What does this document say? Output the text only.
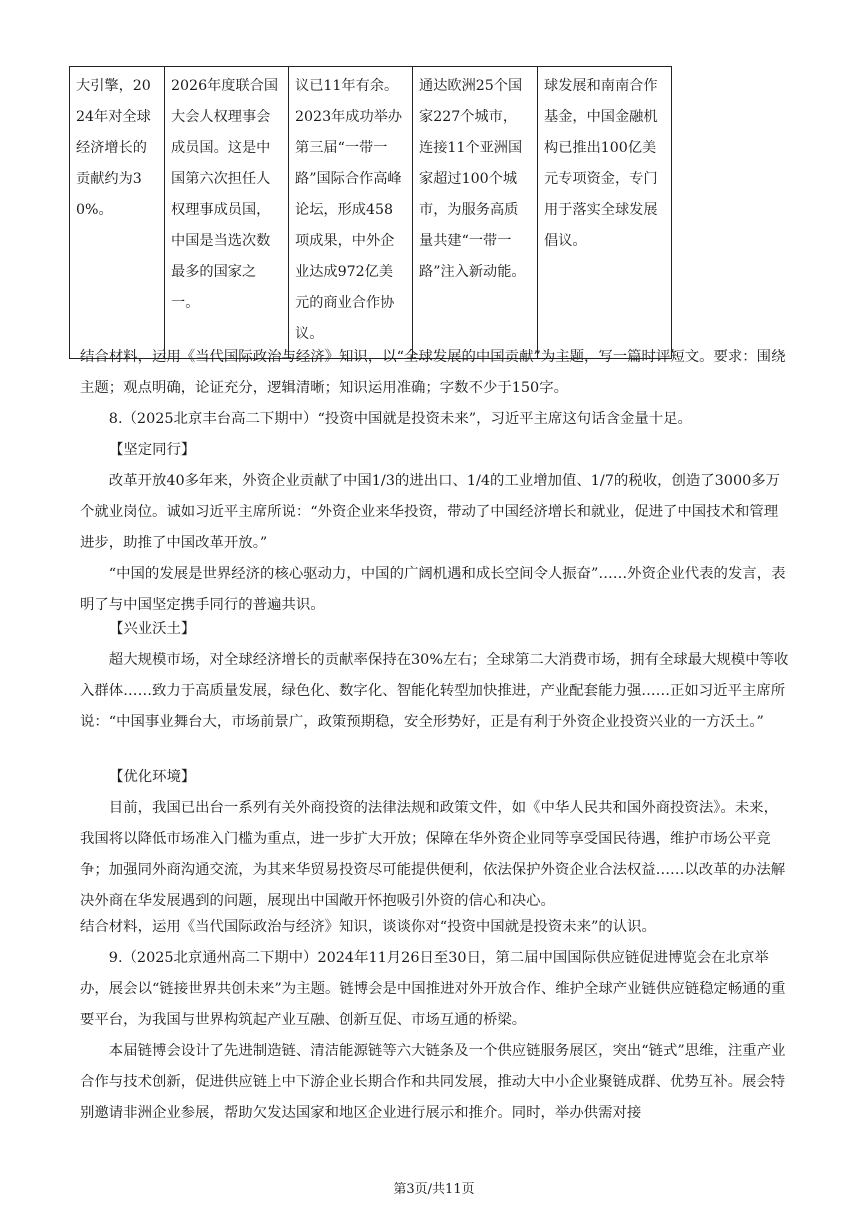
大引擎，2024年对全球经济增长的贡献约为30%。	2026年度联合国大会人权理事会成员国。这是中国第六次担任人权理事成员国，中国是当选次数最多的国家之一。	议已11年有余。2023年成功举办第三届“一带一路”国际合作高峰论坛，形成458项成果，中外企业达成972亿美元的商业合作协议。	通达欧洲25个国家227个城市，连接11个亚洲国家超过100个城市，为服务高质量共建“一带一路”注入新动能。	球发展和南南合作基金，中国金融机构已推出100亿美元专项资金，专门用于落实全球发展倡议。

结合材料，运用《当代国际政治与经济》知识，以“全球发展的中国贡献”为主题，写一篇时评短文。要求：围绕主题；观点明确，论证充分，逻辑清晰；知识运用准确；字数不少于150字。

8.（2025北京丰台高二下期中）“投资中国就是投资未来”，习近平主席这句话含金量十足。

【坚定同行】

改革开放40多年来，外资企业贡献了中国1/3的进出口、1/4的工业增加值、1/7的税收，创造了3000多万个就业岗位。诚如习近平主席所说：“外资企业来华投资，带动了中国经济增长和就业，促进了中国技术和管理进步，助推了中国改革开放。”

“中国的发展是世界经济的核心驱动力，中国的广阔机遇和成长空间令人振奋”……外资企业代表的发言，表明了与中国坚定携手同行的普遍共识。

【兴业沃土】

超大规模市场，对全球经济增长的贡献率保持在30%左右；全球第二大消费市场，拥有全球最大规模中等收入群体……致力于高质量发展，绿色化、数字化、智能化转型加快推进，产业配套能力强……正如习近平主席所说：“中国事业舞台大，市场前景广，政策预期稳，安全形势好，正是有利于外资企业投资兴业的一方沃土。”

【优化环境】

目前，我国已出台一系列有关外商投资的法律法规和政策文件，如《中华人民共和国外商投资法》。未来，我国将以降低市场准入门槛为重点，进一步扩大开放；保障在华外资企业同等享受国民待遇，维护市场公平竞争；加强同外商沟通交流，为其来华贸易投资尽可能提供便利，依法保护外资企业合法权益……以改革的办法解决外商在华发展遇到的问题，展现出中国敞开怀抱吸引外资的信心和决心。

结合材料，运用《当代国际政治与经济》知识，谈谈你对“投资中国就是投资未来”的认识。

9.（2025北京通州高二下期中）2024年11月26日至30日，第二届中国国际供应链促进博览会在北京举办，展会以“链接世界共创未来”为主题。链博会是中国推进对外开放合作、维护全球产业链供应链稳定畅通的重要平台，为我国与世界构筑起产业互融、创新互促、市场互通的桥梁。

本届链博会设计了先进制造链、清洁能源链等六大链条及一个供应链服务展区，突出“链式”思维，注重产业合作与技术创新，促进供应链上中下游企业长期合作和共同发展，推动大中小企业聚链成群、优势互补。展会特别邀请非洲企业参展，帮助欠发达国家和地区企业进行展示和推介。同时，举办供需对接

第3页/共11页
